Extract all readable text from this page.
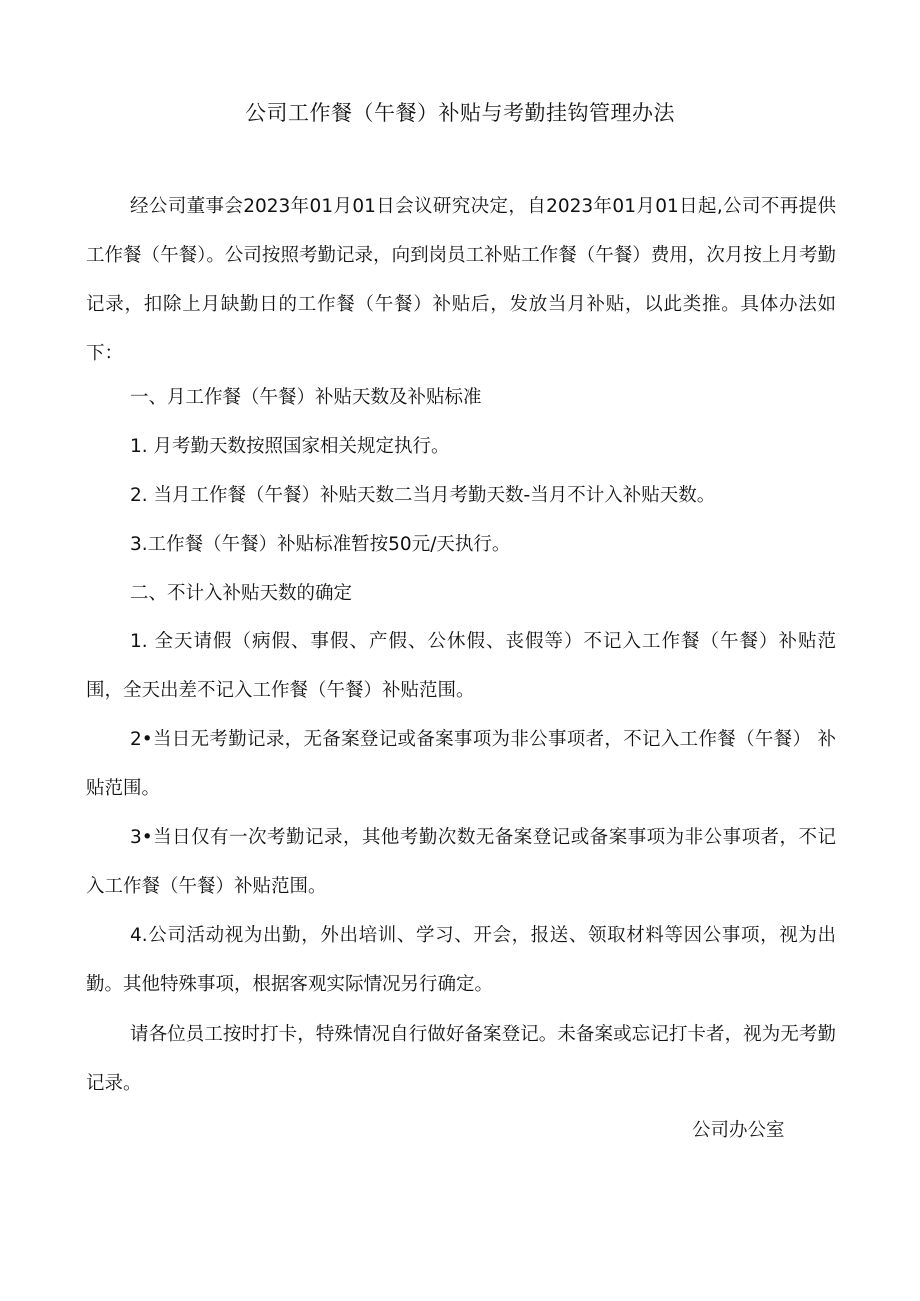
公司工作餐（午餐）补贴与考勤挂钩管理办法
经公司董事会2023年01月01日会议研究决定，自2023年01月01日起,公司不再提供工作餐（午餐）。公司按照考勤记录，向到岗员工补贴工作餐（午餐）费用，次月按上月考勤记录，扣除上月缺勤日的工作餐（午餐）补贴后，发放当月补贴，以此类推。具体办法如下：
一、月工作餐（午餐）补贴天数及补贴标准
1. 月考勤天数按照国家相关规定执行。
2. 当月工作餐（午餐）补贴天数二当月考勤天数-当月不计入补贴天数。
3.工作餐（午餐）补贴标准暂按50元/天执行。
二、不计入补贴天数的确定
1. 全天请假（病假、事假、产假、公休假、丧假等）不记入工作餐（午餐）补贴范围，全天出差不记入工作餐（午餐）补贴范围。
2•当日无考勤记录，无备案登记或备案事项为非公事项者，不记入工作餐（午餐） 补贴范围。
3•当日仅有一次考勤记录，其他考勤次数无备案登记或备案事项为非公事项者，不记入工作餐（午餐）补贴范围。
4.公司活动视为出勤，外出培训、学习、开会，报送、领取材料等因公事项，视为出勤。其他特殊事项，根据客观实际情况另行确定。
请各位员工按时打卡，特殊情况自行做好备案登记。未备案或忘记打卡者，视为无考勤记录。
公司办公室
